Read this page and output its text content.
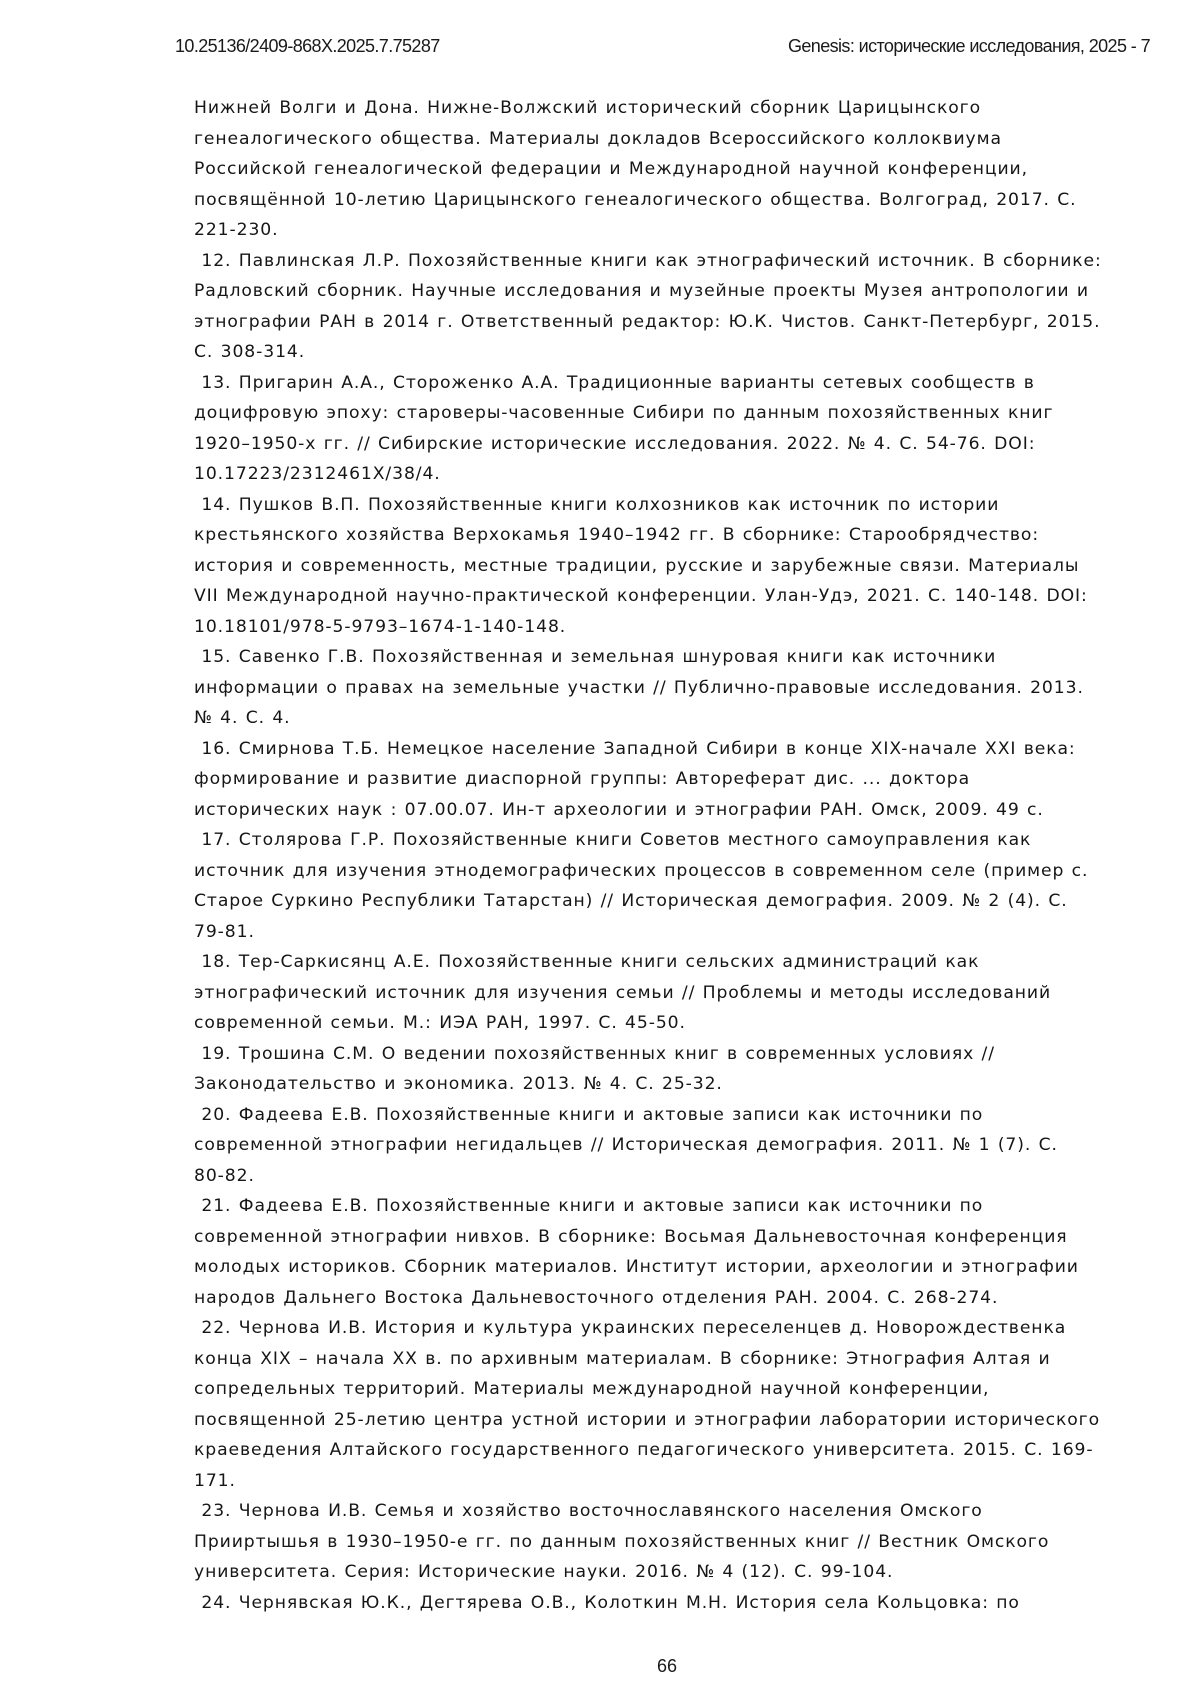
10.25136/2409-868X.2025.7.75287	Genesis: исторические исследования, 2025 - 7

Нижней Волги и Дона. Нижне-Волжский исторический сборник Царицынского

генеалогического общества. Материалы докладов Всероссийского коллоквиума

Российской генеалогической федерации и Международной научной конференции,

посвящённой 10-летию Царицынского генеалогического общества. Волгоград, 2017. С.

221-230.

12. Павлинская Л.Р. Похозяйственные книги как этнографический источник. В сборнике:

Радловский сборник. Научные исследования и музейные проекты Музея антропологии и

этнографии РАН в 2014 г. Ответственный редактор: Ю.К. Чистов. Санкт-Петербург, 2015.

С. 308-314.

13. Пригарин А.А., Стороженко А.А. Традиционные варианты сетевых сообществ в

доцифровую эпоху: староверы-часовенные Сибири по данным похозяйственных книг

1920–1950-х гг. // Сибирские исторические исследования. 2022. № 4. С. 54-76. DOI:

10.17223/2312461X/38/4.

14. Пушков В.П. Похозяйственные книги колхозников как источник по истории

крестьянского хозяйства Верхокамья 1940–1942 гг. В сборнике: Старообрядчество:

история и современность, местные традиции, русские и зарубежные связи. Материалы

VII Международной научно-практической конференции. Улан-Удэ, 2021. С. 140-148. DOI:

10.18101/978-5-9793–1674-1-140-148.

15. Савенко Г.В. Похозяйственная и земельная шнуровая книги как источники

информации о правах на земельные участки // Публично-правовые исследования. 2013.

№ 4. С. 4.

16. Смирнова Т.Б. Немецкое население Западной Сибири в конце XIX-начале XXI века:

формирование и развитие диаспорной группы: Автореферат дис. ... доктора

исторических наук : 07.00.07. Ин-т археологии и этнографии РАН. Омск, 2009. 49 с.

17. Столярова Г.Р. Похозяйственные книги Советов местного самоуправления как

источник для изучения этнодемографических процессов в современном селе (пример с.

Старое Суркино Республики Татарстан) // Историческая демография. 2009. № 2 (4). С.

79-81.

18. Тер-Саркисянц А.Е. Похозяйственные книги сельских администраций как

этнографический источник для изучения семьи // Проблемы и методы исследований

современной семьи. М.: ИЭА РАН, 1997. С. 45-50.

19. Трошина С.М. О ведении похозяйственных книг в современных условиях //

Законодательство и экономика. 2013. № 4. С. 25-32.

20. Фадеева Е.В. Похозяйственные книги и актовые записи как источники по

современной этнографии негидальцев // Историческая демография. 2011. № 1 (7). С.

80-82.

21. Фадеева Е.В. Похозяйственные книги и актовые записи как источники по

современной этнографии нивхов. В сборнике: Восьмая Дальневосточная конференция

молодых историков. Сборник материалов. Институт истории, археологии и этнографии

народов Дальнего Востока Дальневосточного отделения РАН. 2004. С. 268-274.

22. Чернова И.В. История и культура украинских переселенцев д. Новорождественка

конца XIX – начала XX в. по архивным материалам. В сборнике: Этнография Алтая и

сопредельных территорий. Материалы международной научной конференции,

посвященной 25-летию центра устной истории и этнографии лаборатории исторического

краеведения Алтайского государственного педагогического университета. 2015. С. 169-

171.

23. Чернова И.В. Семья и хозяйство восточнославянского населения Омского

Прииртышья в 1930–1950-е гг. по данным похозяйственных книг // Вестник Омского

университета. Серия: Исторические науки. 2016. № 4 (12). С. 99-104.

24. Чернявская Ю.К., Дегтярева О.В., Колоткин М.Н. История села Кольцовка: по

66
